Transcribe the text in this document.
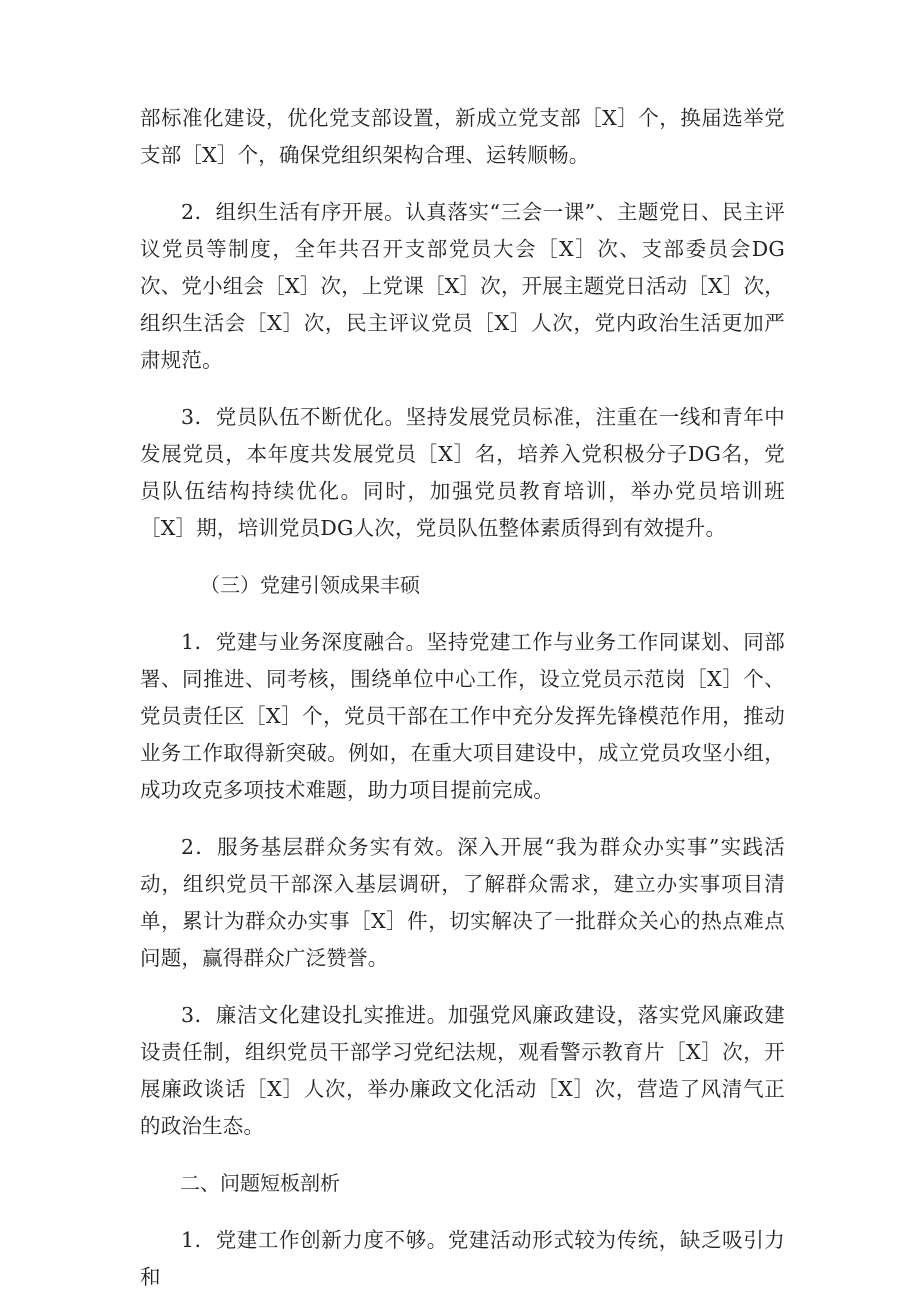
部标准化建设，优化党支部设置，新成立党支部［X］个，换届选举党支部［X］个，确保党组织架构合理、运转顺畅。

2．组织生活有序开展。认真落实“三会一课”、主题党日、民主评议党员等制度，全年共召开支部党员大会［X］次、支部委员会DG次、党小组会［X］次，上党课［X］次，开展主题党日活动［X］次，组织生活会［X］次，民主评议党员［X］人次，党内政治生活更加严肃规范。

3．党员队伍不断优化。坚持发展党员标准，注重在一线和青年中发展党员，本年度共发展党员［X］名，培养入党积极分子DG名，党员队伍结构持续优化。同时，加强党员教育培训，举办党员培训班［X］期，培训党员DG人次，党员队伍整体素质得到有效提升。

（三）党建引领成果丰硕

1．党建与业务深度融合。坚持党建工作与业务工作同谋划、同部署、同推进、同考核，围绕单位中心工作，设立党员示范岗［X］个、党员责任区［X］个，党员干部在工作中充分发挥先锋模范作用，推动业务工作取得新突破。例如，在重大项目建设中，成立党员攻坚小组，成功攻克多项技术难题，助力项目提前完成。

2．服务基层群众务实有效。深入开展“我为群众办实事”实践活动，组织党员干部深入基层调研，了解群众需求，建立办实事项目清单，累计为群众办实事［X］件，切实解决了一批群众关心的热点难点问题，赢得群众广泛赞誉。

3．廉洁文化建设扎实推进。加强党风廉政建设，落实党风廉政建设责任制，组织党员干部学习党纪法规，观看警示教育片［X］次，开展廉政谈话［X］人次，举办廉政文化活动［X］次，营造了风清气正的政治生态。

二、问题短板剖析

1．党建工作创新力度不够。党建活动形式较为传统，缺乏吸引力和
